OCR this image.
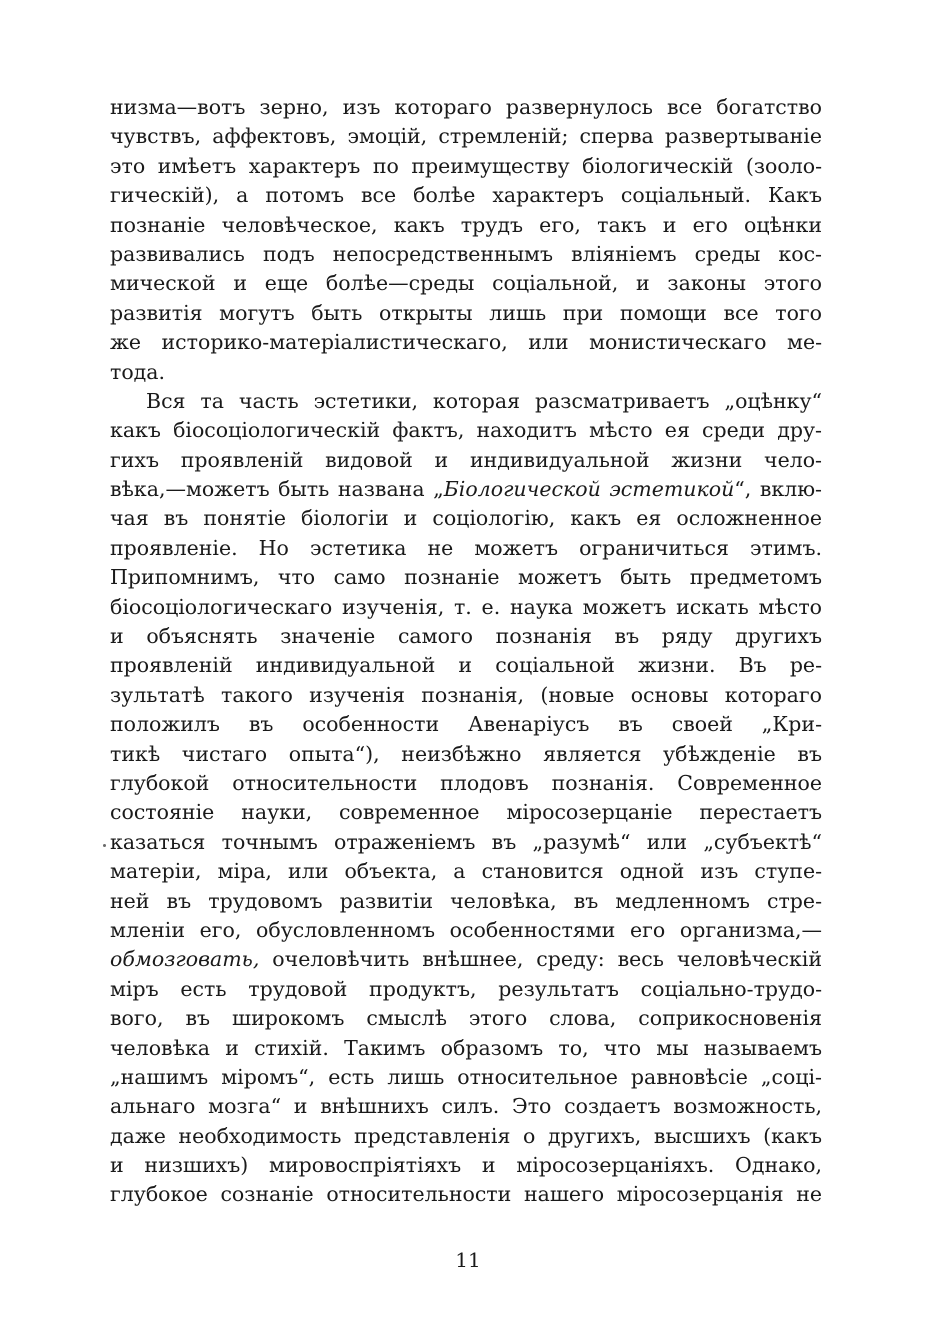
низма—вотъ зерно, изъ котораго развернулось все богатство
чувствъ, аффектовъ, эмоцій, стремленій; сперва развертываніе
это имѣетъ характеръ по преимуществу біологическій (зооло-
гическій), а потомъ все болѣе характеръ соціальный. Какъ
познаніе человѣческое, какъ трудъ его, такъ и его оцѣнки
развивались подъ непосредственнымъ вліяніемъ среды кос-
мической и еще болѣе—среды соціальной, и законы этого
развитія могутъ быть открыты лишь при помощи все того
же историко-матеріалистическаго, или монистическаго ме-
тода.
Вся та часть эстетики, которая разсматриваетъ „оцѣнку“
какъ біосоціологическій фактъ, находитъ мѣсто ея среди дру-
гихъ проявленій видовой и индивидуальной жизни чело-
вѣка,—можетъ быть названа „Біологической эстетикой“, вклю-
чая въ понятіе біологіи и соціологію, какъ ея осложненное
проявленіе. Но эстетика не можетъ ограничиться этимъ.
Припомнимъ, что само познаніе можетъ быть предметомъ
біосоціологическаго изученія, т. е. наука можетъ искать мѣсто
и объяснять значеніе самого познанія въ ряду другихъ
проявленій индивидуальной и соціальной жизни. Въ ре-
зультатѣ такого изученія познанія, (новые основы котораго
положилъ въ особенности Авенаріусъ въ своей „Кри-
тикѣ чистаго опыта“), неизбѣжно является убѣжденіе въ
глубокой относительности плодовъ познанія. Современное
состояніе науки, современное міросозерцаніе перестаетъ
казаться точнымъ отраженіемъ въ „разумѣ“ или „субъектѣ“
матеріи, міра, или объекта, а становится одной изъ ступе-
ней въ трудовомъ развитіи человѣка, въ медленномъ стре-
мленіи его, обусловленномъ особенностями его организма,—
обмозговать, очеловѣчить внѣшнее, среду: весь человѣческій
міръ есть трудовой продуктъ, результатъ соціально-трудо-
вого, въ широкомъ смыслѣ этого слова, соприкосновенія
человѣка и стихій. Такимъ образомъ то, что мы называемъ
„нашимъ міромъ“, есть лишь относительное равновѣсіе „соці-
альнаго мозга“ и внѣшнихъ силъ. Это создаетъ возможность,
даже необходимость представленія о другихъ, высшихъ (какъ
и низшихъ) мировоспріятіяхъ и міросозерцаніяхъ. Однако,
глубокое сознаніе относительности нашего міросозерцанія не
11
